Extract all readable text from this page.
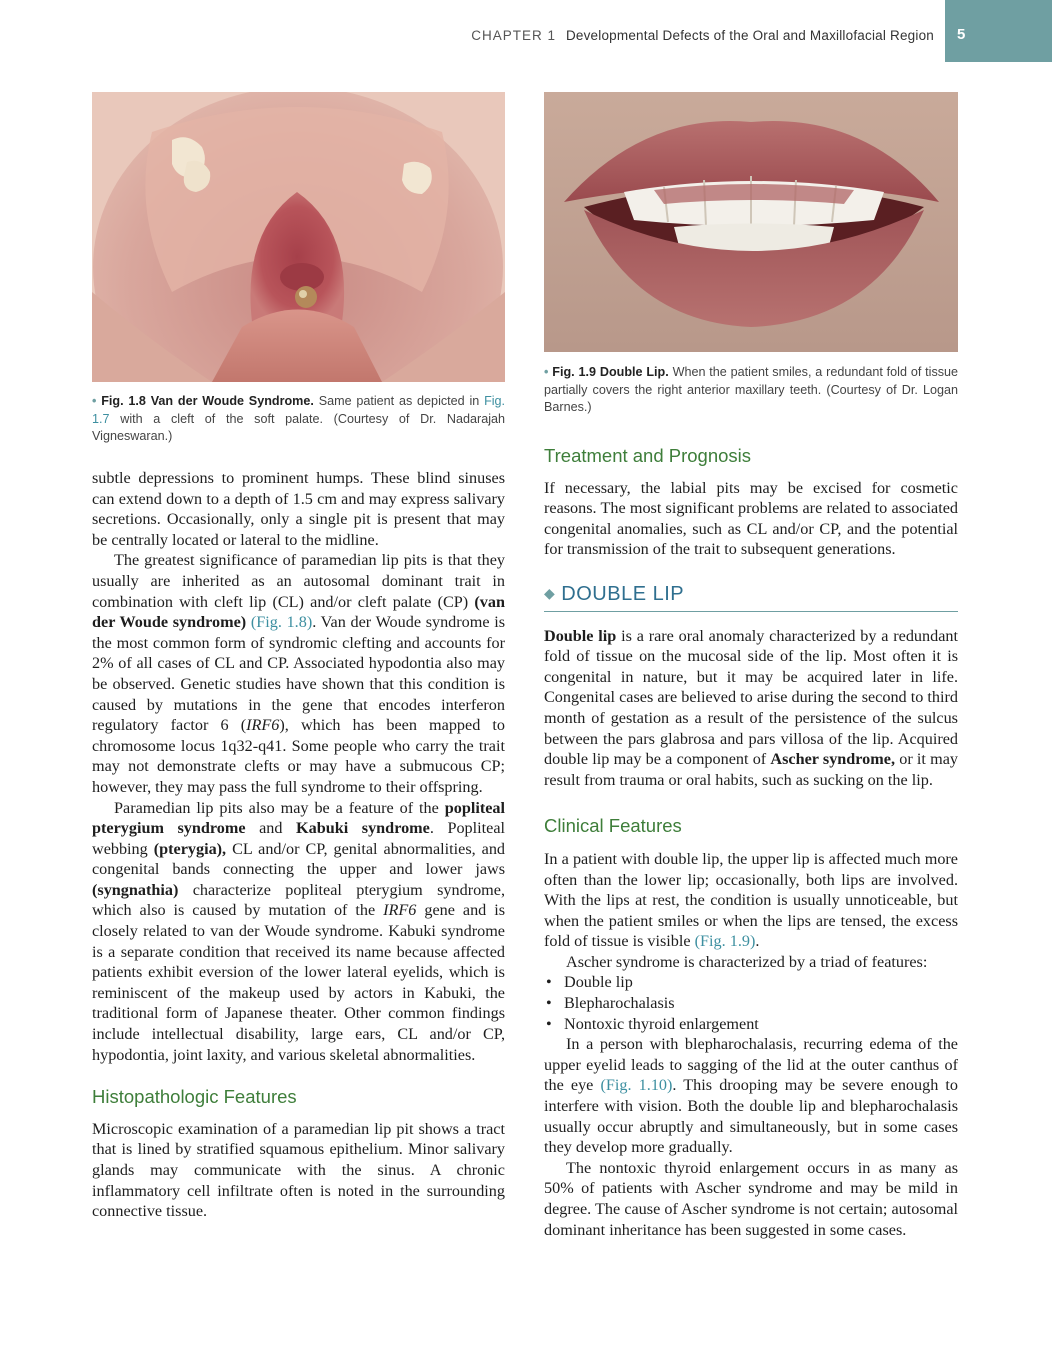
CHAPTER 1 Developmental Defects of the Oral and Maxillofacial Region 5
• Fig. 1.8 Van der Woude Syndrome. Same patient as depicted in Fig. 1.7 with a cleft of the soft palate. (Courtesy of Dr. Nadarajah Vigneswaran.)
• Fig. 1.9 Double Lip. When the patient smiles, a redundant fold of tissue partially covers the right anterior maxillary teeth. (Courtesy of Dr. Logan Barnes.)

subtle depressions to prominent humps. These blind sinuses can extend down to a depth of 1.5 cm and may express salivary secretions. Occasionally, only a single pit is present that may be centrally located or lateral to the midline.

The greatest significance of paramedian lip pits is that they usually are inherited as an autosomal dominant trait in combination with cleft lip (CL) and/or cleft palate (CP) (van der Woude syndrome) (Fig. 1.8). Van der Woude syndrome is the most common form of syndromic clefting and accounts for 2% of all cases of CL and CP. Associated hypodontia also may be observed. Genetic studies have shown that this condition is caused by mutations in the gene that encodes interferon regulatory factor 6 (IRF6), which has been mapped to chromosome locus 1q32-q41. Some people who carry the trait may not demonstrate clefts or may have a submucous CP; however, they may pass the full syndrome to their offspring.

Paramedian lip pits also may be a feature of the popliteal pterygium syndrome and Kabuki syndrome. Popliteal webbing (pterygia), CL and/or CP, genital abnormalities, and congenital bands connecting the upper and lower jaws (syngnathia) characterize popliteal pterygium syndrome, which also is caused by mutation of the IRF6 gene and is closely related to van der Woude syndrome. Kabuki syndrome is a separate condition that received its name because affected patients exhibit eversion of the lower lateral eyelids, which is reminiscent of the makeup used by actors in Kabuki, the traditional form of Japanese theater. Other common findings include intellectual disability, large ears, CL and/or CP, hypodontia, joint laxity, and various skeletal abnormalities.

Histopathologic Features

Microscopic examination of a paramedian lip pit shows a tract that is lined by stratified squamous epithelium. Minor salivary glands may communicate with the sinus. A chronic inflammatory cell infiltrate often is noted in the surrounding connective tissue.

Treatment and Prognosis

If necessary, the labial pits may be excised for cosmetic reasons. The most significant problems are related to associated congenital anomalies, such as CL and/or CP, and the potential for transmission of the trait to subsequent generations.

◆ DOUBLE LIP

Double lip is a rare oral anomaly characterized by a redundant fold of tissue on the mucosal side of the lip. Most often it is congenital in nature, but it may be acquired later in life. Congenital cases are believed to arise during the second to third month of gestation as a result of the persistence of the sulcus between the pars glabrosa and pars villosa of the lip. Acquired double lip may be a component of Ascher syndrome, or it may result from trauma or oral habits, such as sucking on the lip.

Clinical Features

In a patient with double lip, the upper lip is affected much more often than the lower lip; occasionally, both lips are involved. With the lips at rest, the condition is usually unnoticeable, but when the patient smiles or when the lips are tensed, the excess fold of tissue is visible (Fig. 1.9).

Ascher syndrome is characterized by a triad of features:

• Double lip
• Blepharochalasis
• Nontoxic thyroid enlargement

In a person with blepharochalasis, recurring edema of the upper eyelid leads to sagging of the lid at the outer canthus of the eye (Fig. 1.10). This drooping may be severe enough to interfere with vision. Both the double lip and blepharochalasis usually occur abruptly and simultaneously, but in some cases they develop more gradually.

The nontoxic thyroid enlargement occurs in as many as 50% of patients with Ascher syndrome and may be mild in degree. The cause of Ascher syndrome is not certain; autosomal dominant inheritance has been suggested in some cases.
